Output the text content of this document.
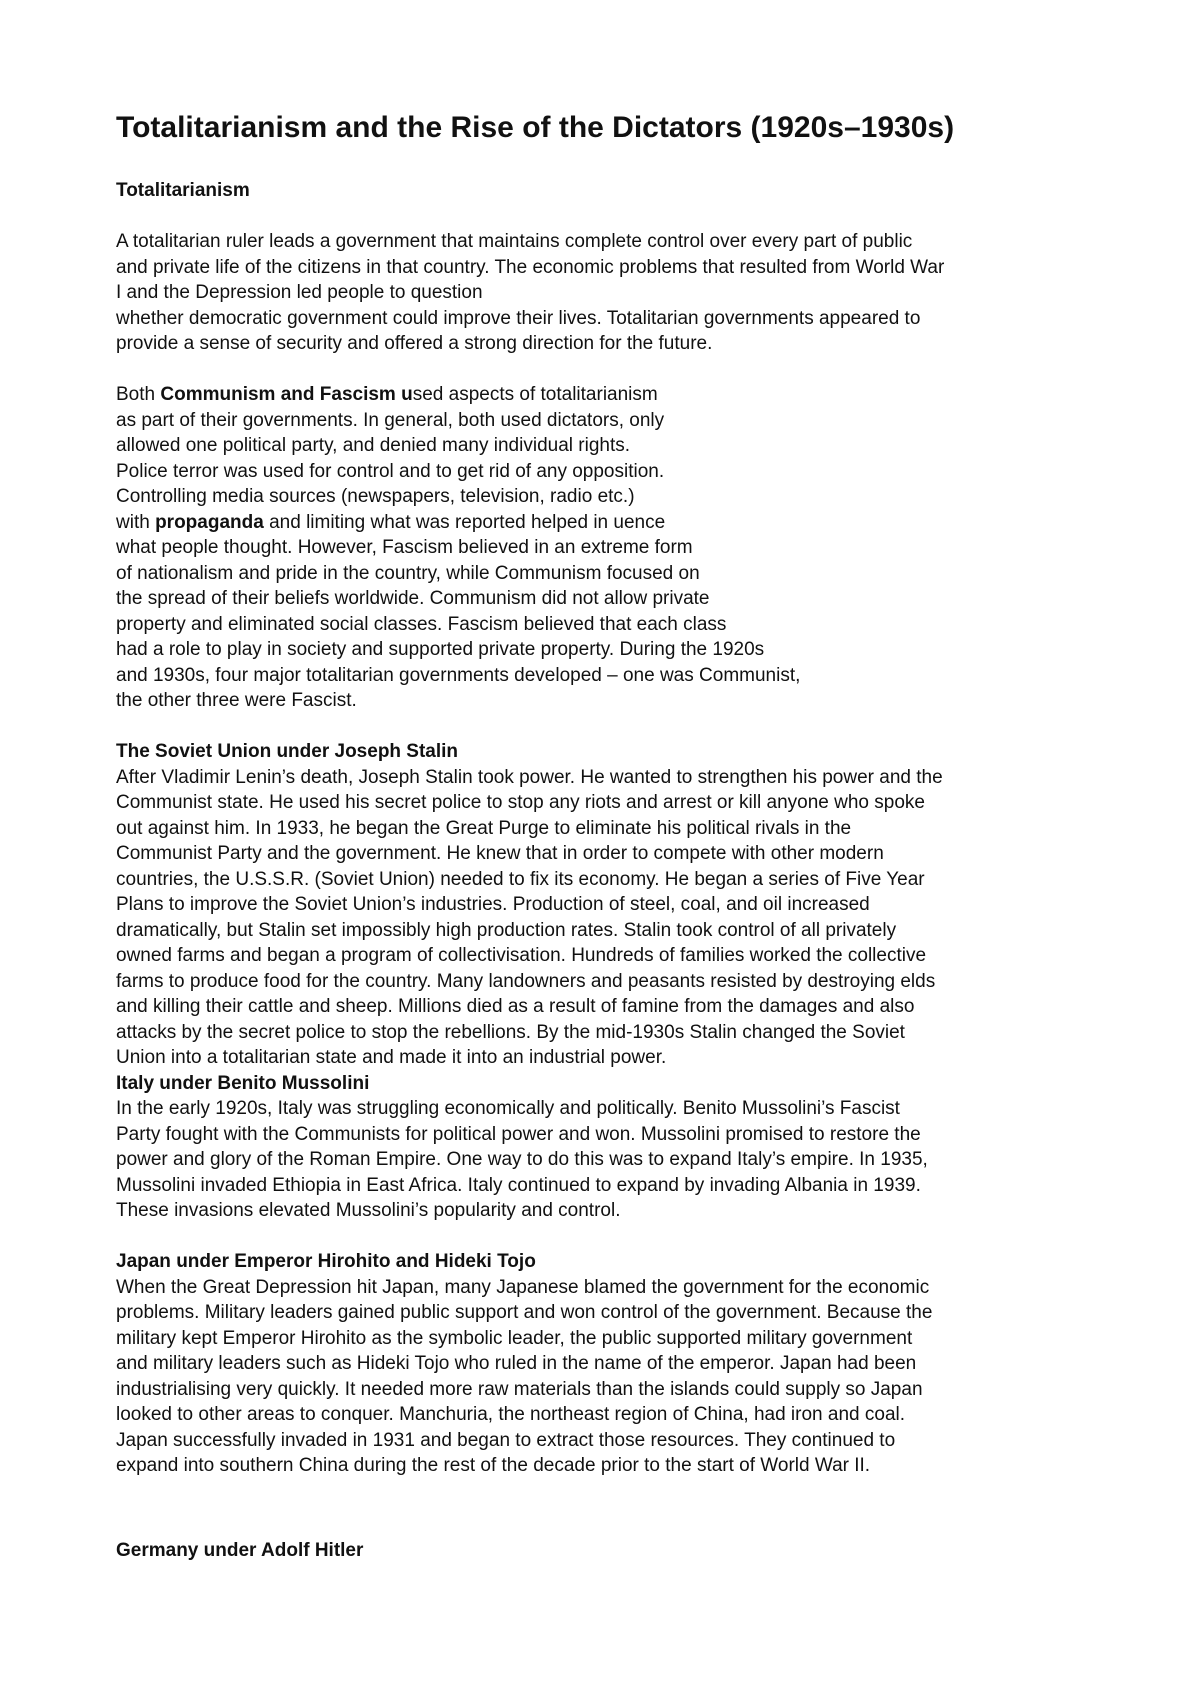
Totalitarianism and the Rise of the Dictators (1920s–1930s)
Totalitarianism

A totalitarian ruler leads a government that maintains complete control over every part of public
and private life of the citizens in that country. The economic problems that resulted from World War
I and the Depression led people to question
whether democratic government could improve their lives. Totalitarian governments appeared to
provide a sense of security and offered a strong direction for the future.

Both Communism and Fascism used aspects of totalitarianism
as part of their governments. In general, both used dictators, only
allowed one political party, and denied many individual rights.
Police terror was used for control and to get rid of any opposition.
Controlling media sources (newspapers, television, radio etc.)
with propaganda and limiting what was reported helped in uence
what people thought. However, Fascism believed in an extreme form
of nationalism and pride in the country, while Communism focused on
the spread of their beliefs worldwide. Communism did not allow private
property and eliminated social classes. Fascism believed that each class
had a role to play in society and supported private property. During the 1920s
and 1930s, four major totalitarian governments developed – one was Communist,
the other three were Fascist.

The Soviet Union under Joseph Stalin

After Vladimir Lenin’s death, Joseph Stalin took power. He wanted to strengthen his power and the
Communist state. He used his secret police to stop any riots and arrest or kill anyone who spoke
out against him. In 1933, he began the Great Purge to eliminate his political rivals in the
Communist Party and the government. He knew that in order to compete with other modern
countries, the U.S.S.R. (Soviet Union) needed to fix its economy. He began a series of Five Year
Plans to improve the Soviet Union’s industries. Production of steel, coal, and oil increased
dramatically, but Stalin set impossibly high production rates. Stalin took control of all privately
owned farms and began a program of collectivisation. Hundreds of families worked the collective
farms to produce food for the country. Many landowners and peasants resisted by destroying elds
and killing their cattle and sheep. Millions died as a result of famine from the damages and also
attacks by the secret police to stop the rebellions. By the mid-1930s Stalin changed the Soviet
Union into a totalitarian state and made it into an industrial power.

Italy under Benito Mussolini

In the early 1920s, Italy was struggling economically and politically. Benito Mussolini’s Fascist
Party fought with the Communists for political power and won. Mussolini promised to restore the
power and glory of the Roman Empire. One way to do this was to expand Italy’s empire. In 1935,
Mussolini invaded Ethiopia in East Africa. Italy continued to expand by invading Albania in 1939.
These invasions elevated Mussolini’s popularity and control.

Japan under Emperor Hirohito and Hideki Tojo

When the Great Depression hit Japan, many Japanese blamed the government for the economic
problems. Military leaders gained public support and won control of the government. Because the
military kept Emperor Hirohito as the symbolic leader, the public supported military government
and military leaders such as Hideki Tojo who ruled in the name of the emperor. Japan had been
industrialising very quickly. It needed more raw materials than the islands could supply so Japan
looked to other areas to conquer. Manchuria, the northeast region of China, had iron and coal.
Japan successfully invaded in 1931 and began to extract those resources. They continued to
expand into southern China during the rest of the decade prior to the start of World War II.

Germany under Adolf Hitler
